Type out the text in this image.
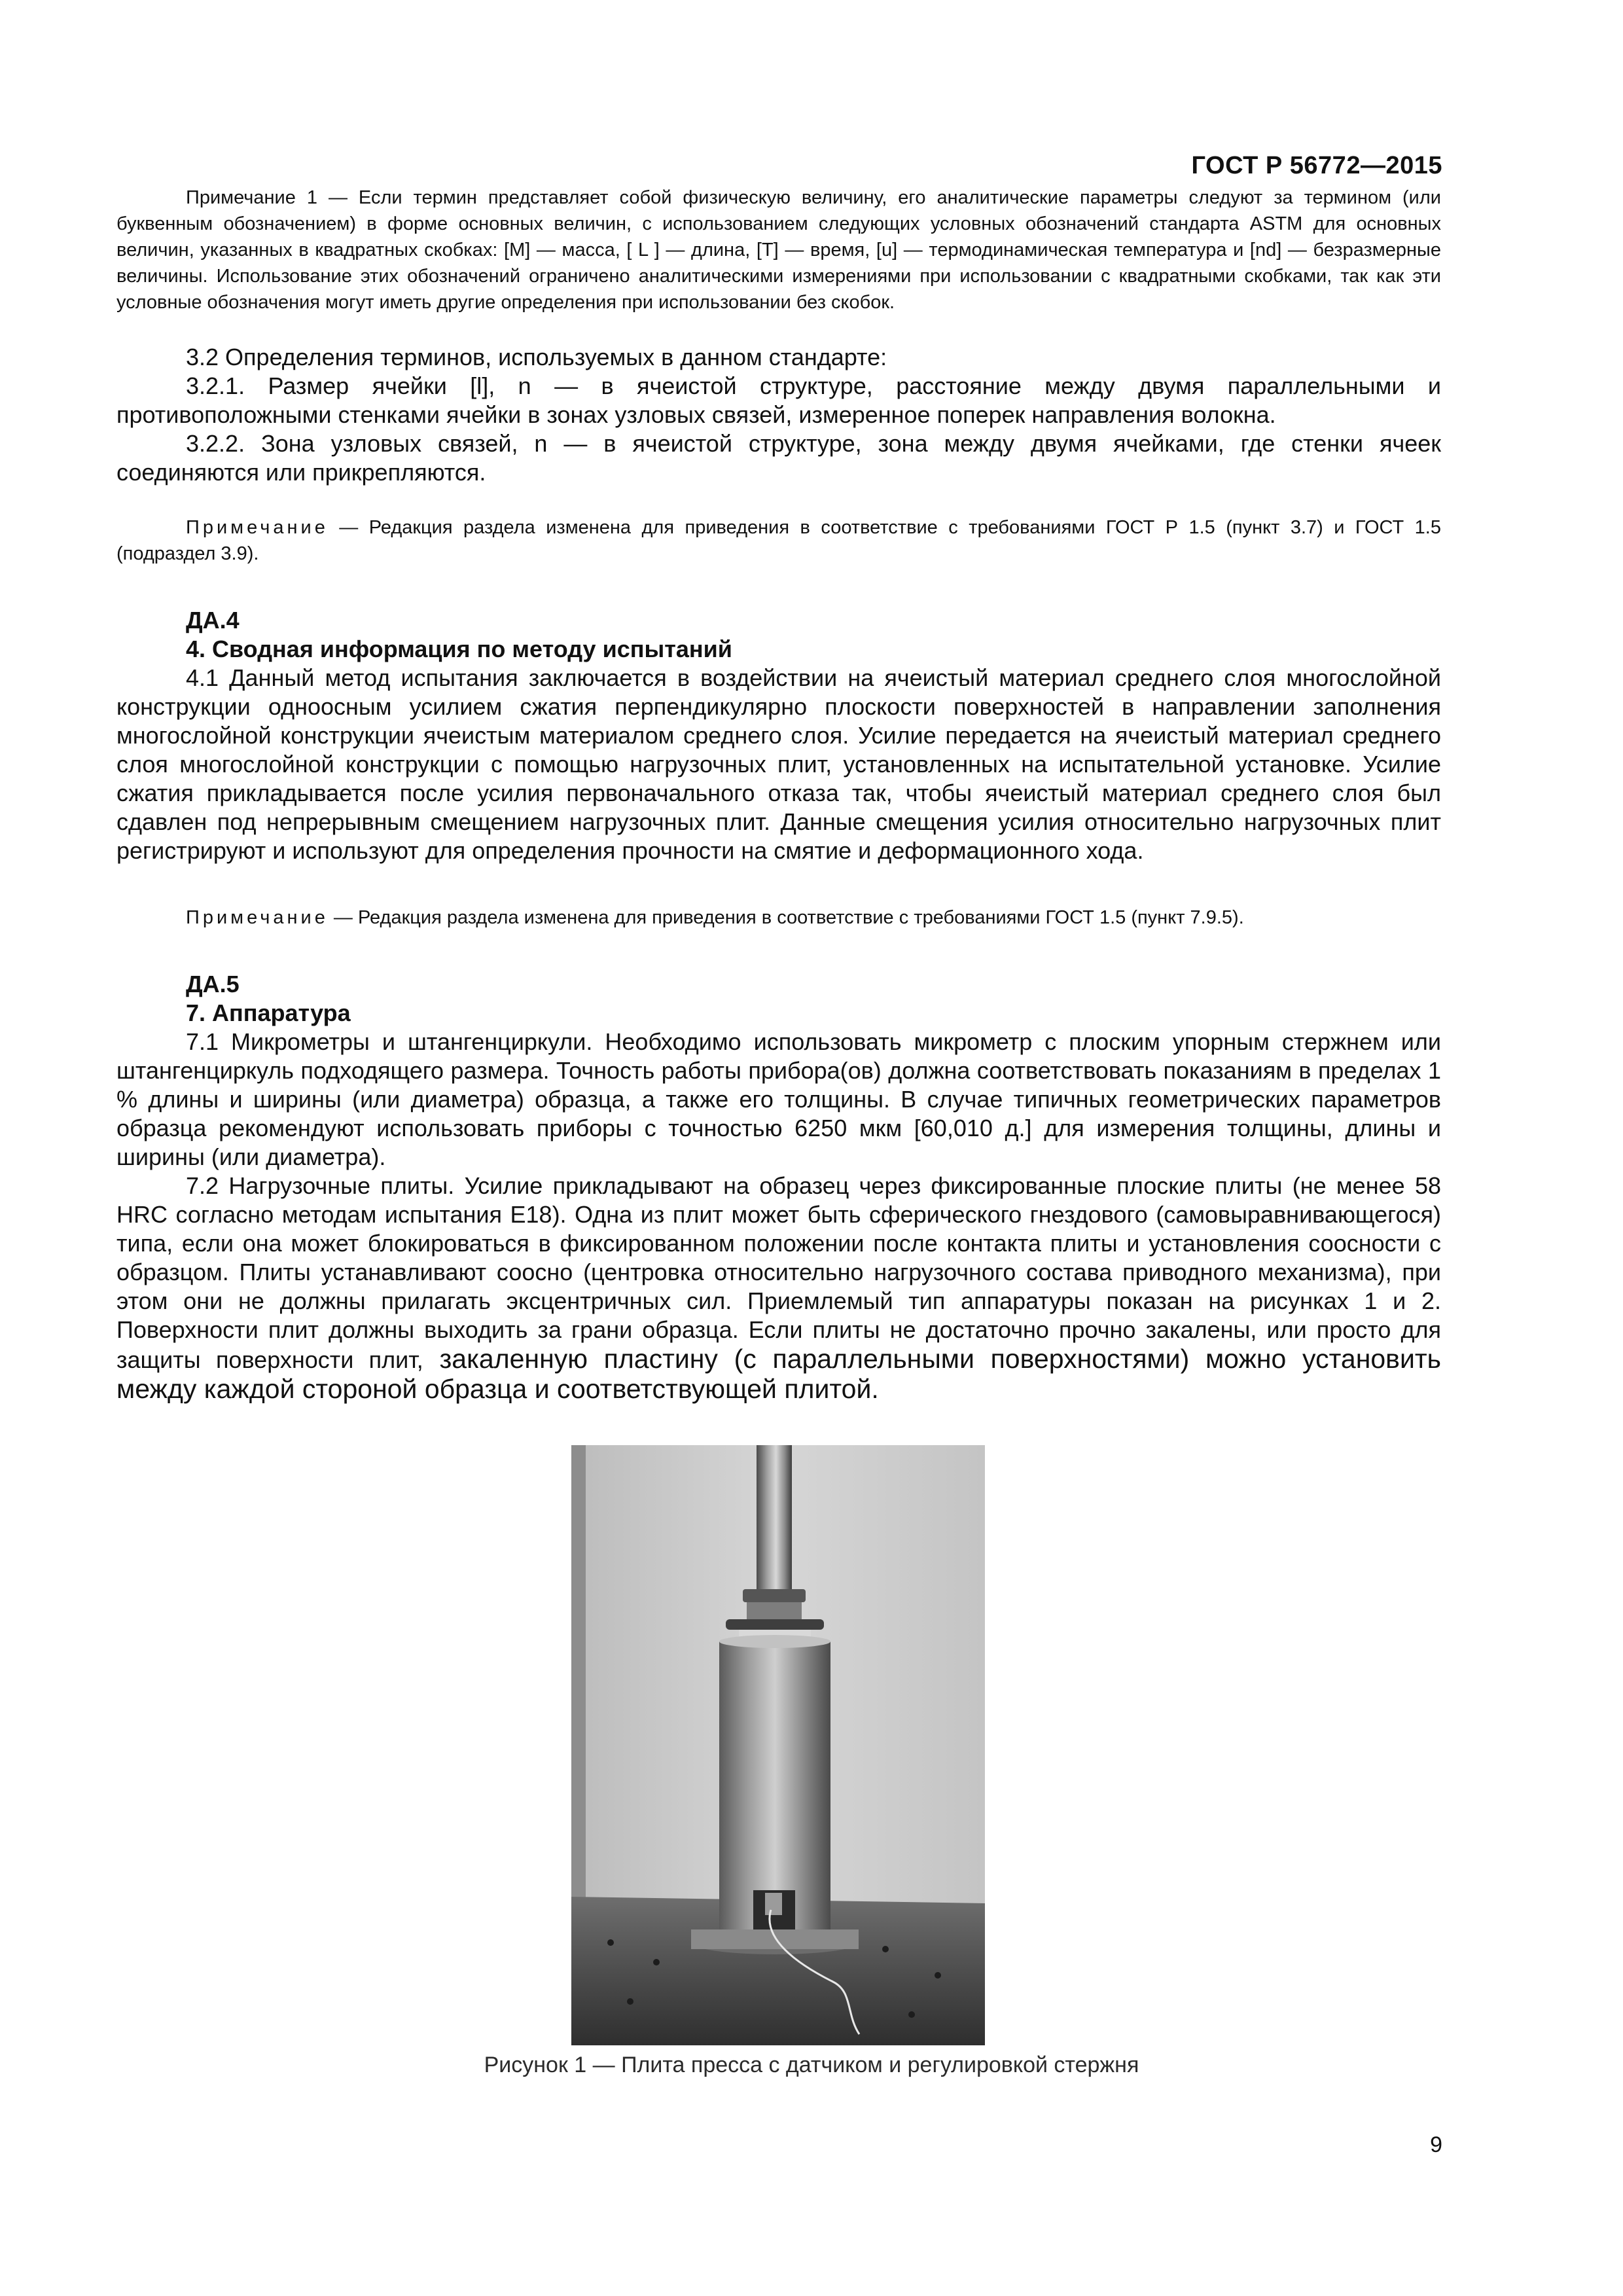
ГОСТ Р 56772—2015

Примечание 1 — Если термин представляет собой физическую величину, его аналитические параметры следуют за термином (или буквенным обозначением) в форме основных величин, с использованием следующих условных обозначений стандарта ASTM для основных величин, указанных в квадратных скобках: [M] — масса, [ L ] — длина, [T] — время, [u] — термодинамическая температура и [nd] — безразмерные величины. Использование этих обозначений ограничено аналитическими измерениями при использовании с квадратными скобками, так как эти условные обозначения могут иметь другие определения при использовании без скобок.

3.2 Определения терминов, используемых в данном стандарте:

3.2.1. Размер ячейки [l], n — в ячеистой структуре, расстояние между двумя параллельными и противоположными стенками ячейки в зонах узловых связей, измеренное поперек направления волокна.

3.2.2. Зона узловых связей, n — в ячеистой структуре, зона между двумя ячейками, где стенки ячеек соединяются или прикрепляются.

Примечание — Редакция раздела изменена для приведения в соответствие с требованиями ГОСТ Р 1.5 (пункт 3.7) и ГОСТ 1.5 (подраздел 3.9).

ДА.4
4. Сводная информация по методу испытаний

4.1 Данный метод испытания заключается в воздействии на ячеистый материал среднего слоя многослойной конструкции одноосным усилием сжатия перпендикулярно плоскости поверхностей в направлении заполнения многослойной конструкции ячеистым материалом среднего слоя. Усилие передается на ячеистый материал среднего слоя многослойной конструкции с помощью нагрузочных плит, установленных на испытательной установке. Усилие сжатия прикладывается после усилия первоначального отказа так, чтобы ячеистый материал среднего слоя был сдавлен под непрерывным смещением нагрузочных плит. Данные смещения усилия относительно нагрузочных плит регистрируют и используют для определения прочности на смятие и деформационного хода.

Примечание — Редакция раздела изменена для приведения в соответствие с требованиями ГОСТ 1.5 (пункт 7.9.5).

ДА.5
7. Аппаратура

7.1 Микрометры и штангенциркули. Необходимо использовать микрометр с плоским упорным стержнем или штангенциркуль подходящего размера. Точность работы прибора(ов) должна соответствовать показаниям в пределах 1 % длины и ширины (или диаметра) образца, а также его толщины. В случае типичных геометрических параметров образца рекомендуют использовать приборы с точностью 6250 мкм [60,010 д.] для измерения толщины, длины и ширины (или диаметра).

7.2 Нагрузочные плиты. Усилие прикладывают на образец через фиксированные плоские плиты (не менее 58 HRC согласно методам испытания E18). Одна из плит может быть сферического гнездового (самовыравнивающегося) типа, если она может блокироваться в фиксированном положении после контакта плиты и установления соосности с образцом. Плиты устанавливают соосно (центровка относительно нагрузочного состава приводного механизма), при этом они не должны прилагать эксцентричных сил. Приемлемый тип аппаратуры показан на рисунках 1 и 2. Поверхности плит должны выходить за грани образца. Если плиты не достаточно прочно закалены, или просто для защиты поверхности плит, закаленную пластину (с параллельными поверхностями) можно установить между каждой стороной образца и соответствующей плитой.

Рисунок 1 — Плита пресса с датчиком и регулировкой стержня
9
